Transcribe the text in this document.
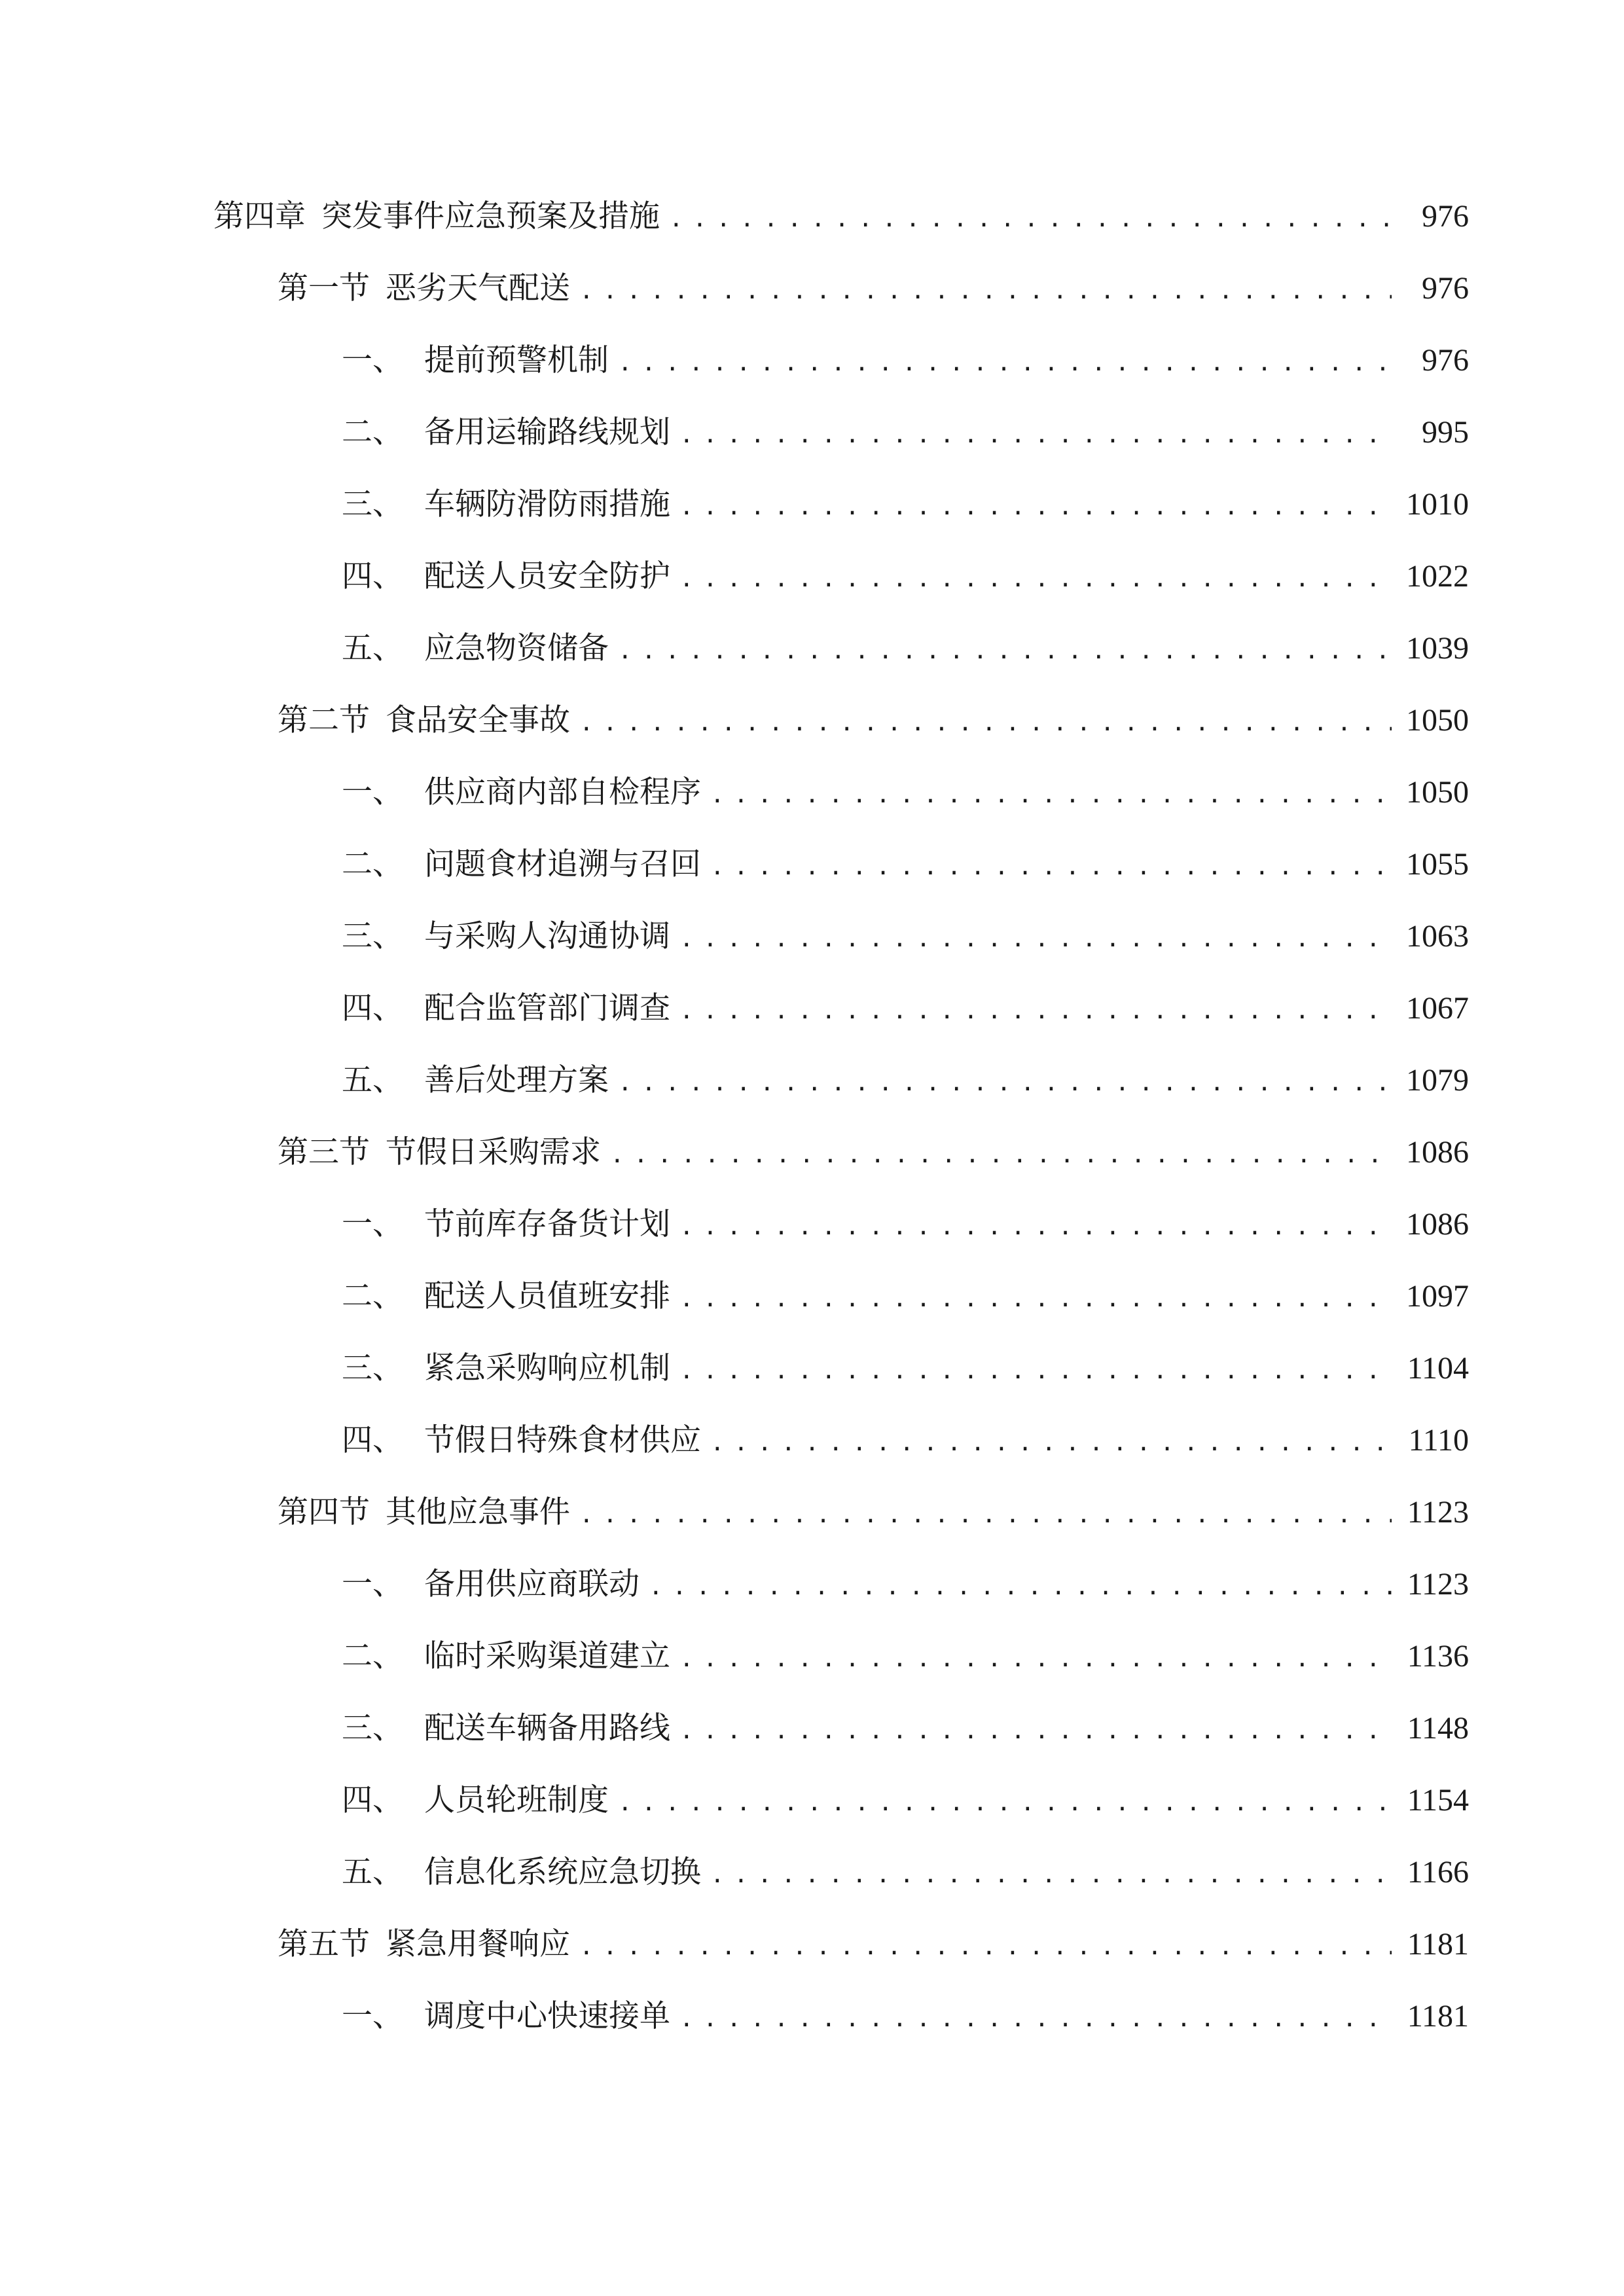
第四章 突发事件应急预案及措施 .....	976
第一节 恶劣天气配送 .....	976
一、 提前预警机制 .....	976
二、 备用运输路线规划 .....	995
三、 车辆防滑防雨措施 .....	1010
四、 配送人员安全防护 .....	1022
五、 应急物资储备 .....	1039
第二节 食品安全事故 .....	1050
一、 供应商内部自检程序 .....	1050
二、 问题食材追溯与召回 .....	1055
三、 与采购人沟通协调 .....	1063
四、 配合监管部门调查 .....	1067
五、 善后处理方案 .....	1079
第三节 节假日采购需求 .....	1086
一、 节前库存备货计划 .....	1086
二、 配送人员值班安排 .....	1097
三、 紧急采购响应机制 .....	1104
四、 节假日特殊食材供应 .....	1110
第四节 其他应急事件 .....	1123
一、 备用供应商联动 .....	1123
二、 临时采购渠道建立 .....	1136
三、 配送车辆备用路线 .....	1148
四、 人员轮班制度 .....	1154
五、 信息化系统应急切换 .....	1166
第五节 紧急用餐响应 .....	1181
一、 调度中心快速接单 .....	1181
